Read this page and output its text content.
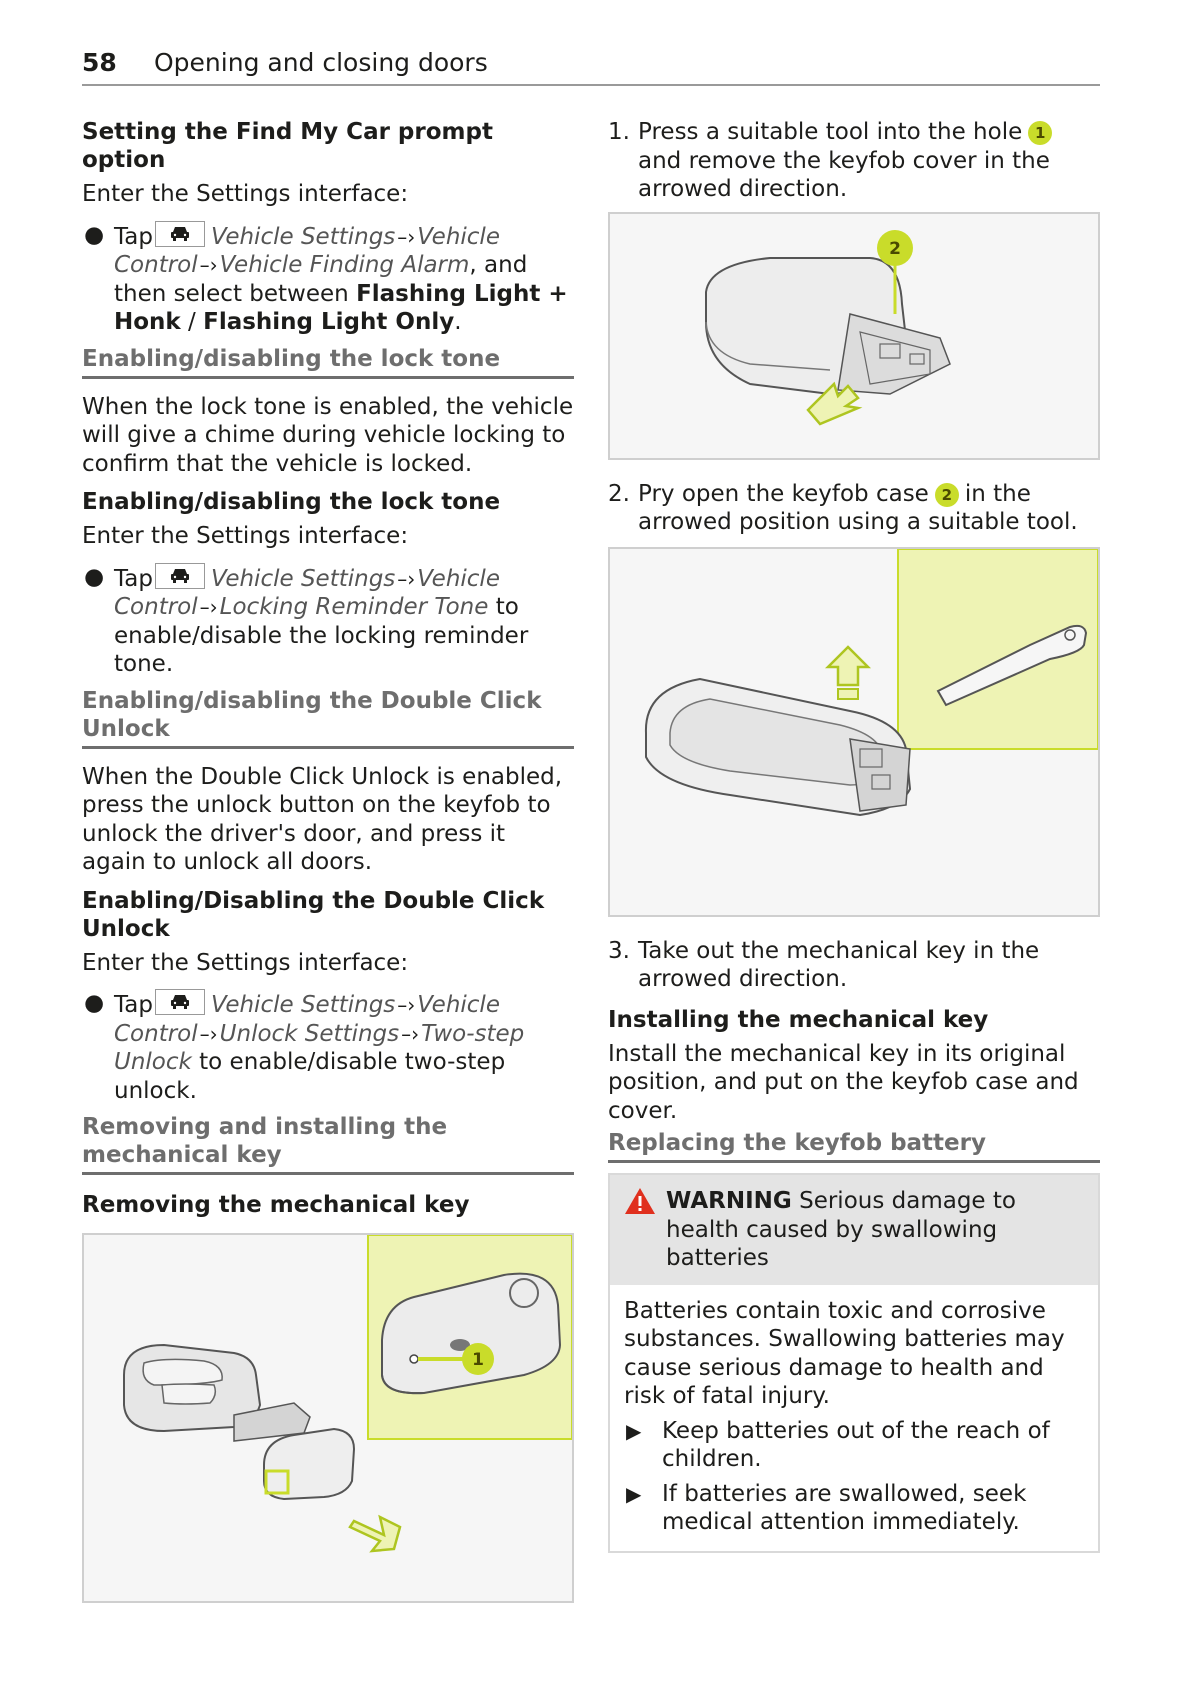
58 Opening and closing doors

Setting the Find My Car prompt option

Enter the Settings interface:

● Tap	Vehicle Settings –›Vehicle Control –›Vehicle Finding Alarm, and then select between Flashing Light + Honk / Flashing Light Only.

Enabling/disabling the lock tone

When the lock tone is enabled, the vehicle will give a chime during vehicle locking to confirm that the vehicle is locked.

Enabling/disabling the lock tone

Enter the Settings interface:

● Tap	Vehicle Settings –›Vehicle Control –›Locking Reminder Tone to enable/disable the locking reminder tone.

Enabling/disabling the Double Click Unlock

When the Double Click Unlock is enabled, press the unlock button on the keyfob to unlock the driver's door, and press it again to unlock all doors.

Enabling/Disabling the Double Click Unlock

Enter the Settings interface:

● Tap	Vehicle Settings –›Vehicle Control –›Unlock Settings –›Two-step Unlock to enable/disable two-step unlock.

Removing and installing the mechanical key

Removing the mechanical key

1
1. Press a suitable tool into the hole 1and remove the keyfob cover in the arrowed direction.
2
2. Pry open the keyfob case 2 in the arrowed position using a suitable tool.
3. Take out the mechanical key in the arrowed direction.

Installing the mechanical key

Install the mechanical key in its original position, and put on the keyfob case and cover.

Replacing the keyfob battery

WARNING Serious damage to health caused by swallowing batteries

Batteries contain toxic and corrosive substances. Swallowing batteries may cause serious damage to health and risk of fatal injury.

▶ Keep batteries out of the reach of children.
▶ If batteries are swallowed, seek medical attention immediately.
